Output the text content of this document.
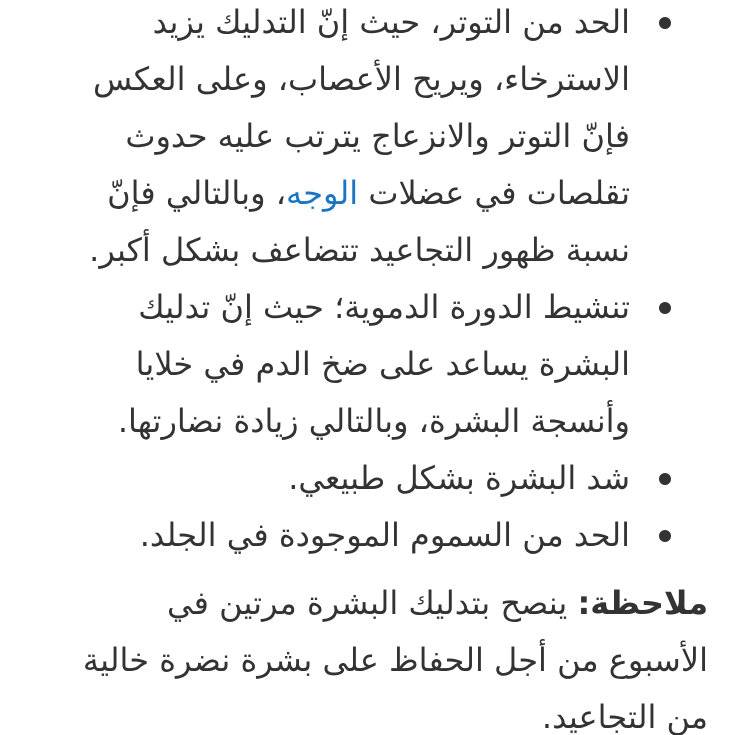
الحد من التوتر، حيث إنّ التدليك يزيد الاسترخاء، ويريح الأعصاب، وعلى العكس فإنّ التوتر والانزعاج يترتب عليه حدوث تقلصات في عضلات الوجه، وبالتالي فإنّ نسبة ظهور التجاعيد تتضاعف بشكل أكبر.
تنشيط الدورة الدموية؛ حيث إنّ تدليك البشرة يساعد على ضخ الدم في خلايا وأنسجة البشرة، وبالتالي زيادة نضارتها.
شد البشرة بشكل طبيعي.
الحد من السموم الموجودة في الجلد.

ملاحظة: ينصح بتدليك البشرة مرتين في الأسبوع من أجل الحفاظ على بشرة نضرة خالية من التجاعيد.
